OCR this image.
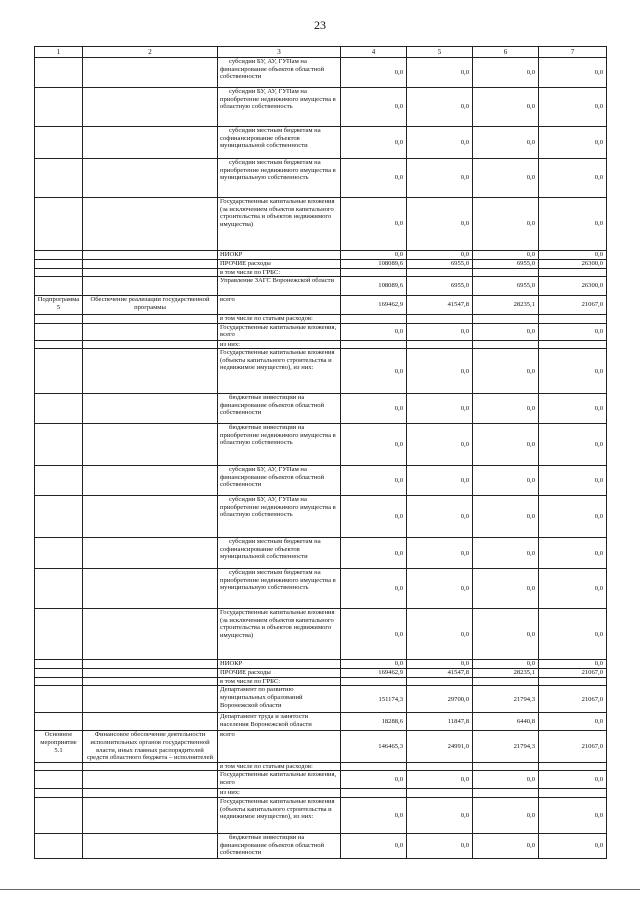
23
1	2	3	4	5	6	7
		субсидии БУ, АУ, ГУПам на финансирование объектов областной собственности	0,0	0,0	0,0	0,0
		субсидии БУ, АУ, ГУПам на приобретение недвижимого имущества в областную собственность	0,0	0,0	0,0	0,0
		субсидии местным бюджетам на софинансирование объектов муниципальной собственности	0,0	0,0	0,0	0,0
		субсидии местным бюджетам на приобретение недвижимого имущества в муниципальную собственность	0,0	0,0	0,0	0,0
		Государственные капитальные вложения (за исключением объектов капитального строительства и объектов недвижимого имущества)	0,0	0,0	0,0	0,0
		НИОКР	0,0	0,0	0,0	0,0
		ПРОЧИЕ расходы	108089,6	6955,0	6955,0	26300,0
		в том числе по ГРБС:				
		Управление ЗАГС Воронежской области	108089,6	6955,0	6955,0	26300,0
Подпрограмма 5	Обеспечение реализации государственной программы	всего	169462,9	41547,8	28235,1	21067,0
		в том числе по статьям расходов:				
		Государственные капитальные вложения, всего	0,0	0,0	0,0	0,0
		из них:				
		Государственные капитальные вложения (объекты капитального строительства и недвижимое имущество), из них:	0,0	0,0	0,0	0,0
		бюджетные инвестиции на финансирование объектов областной собственности	0,0	0,0	0,0	0,0
		бюджетные инвестиции на приобретение недвижимого имущества в областную собственность	0,0	0,0	0,0	0,0
		субсидии БУ, АУ, ГУПам на финансирование объектов областной собственности	0,0	0,0	0,0	0,0
		субсидии БУ, АУ, ГУПам на приобретение недвижимого имущества в областную собственность	0,0	0,0	0,0	0,0
		субсидии местным бюджетам на софинансирование объектов муниципальной собственности	0,0	0,0	0,0	0,0
		субсидии местным бюджетам на приобретение недвижимого имущества в муниципальную собственность	0,0	0,0	0,0	0,0
		Государственные капитальные вложения (за исключением объектов капитального строительства и объектов недвижимого имущества)	0,0	0,0	0,0	0,0
		НИОКР	0,0	0,0	0,0	0,0
		ПРОЧИЕ расходы	169462,9	41547,8	28235,1	21067,0
		в том числе по ГРБС:				
		Департамент по развитию муниципальных образований Воронежской области	151174,3	29700,0	21794,3	21067,0
		Департамент труда и занятости населения Воронежской области	18288,6	11847,8	6440,8	0,0
Основное мероприятие 5.1	Финансовое обеспечение деятельности исполнительных органов государственной власти, иных главных распорядителей средств областного бюджета – исполнителей	всего	146465,3	24991,0	21794,3	21067,0
		в том числе по статьям расходов:				
		Государственные капитальные вложения, всего	0,0	0,0	0,0	0,0
		из них:				
		Государственные капитальные вложения (объекты капитального строительства и недвижимое имущество), из них:	0,0	0,0	0,0	0,0
		бюджетные инвестиции на финансирование объектов областной собственности	0,0	0,0	0,0	0,0
